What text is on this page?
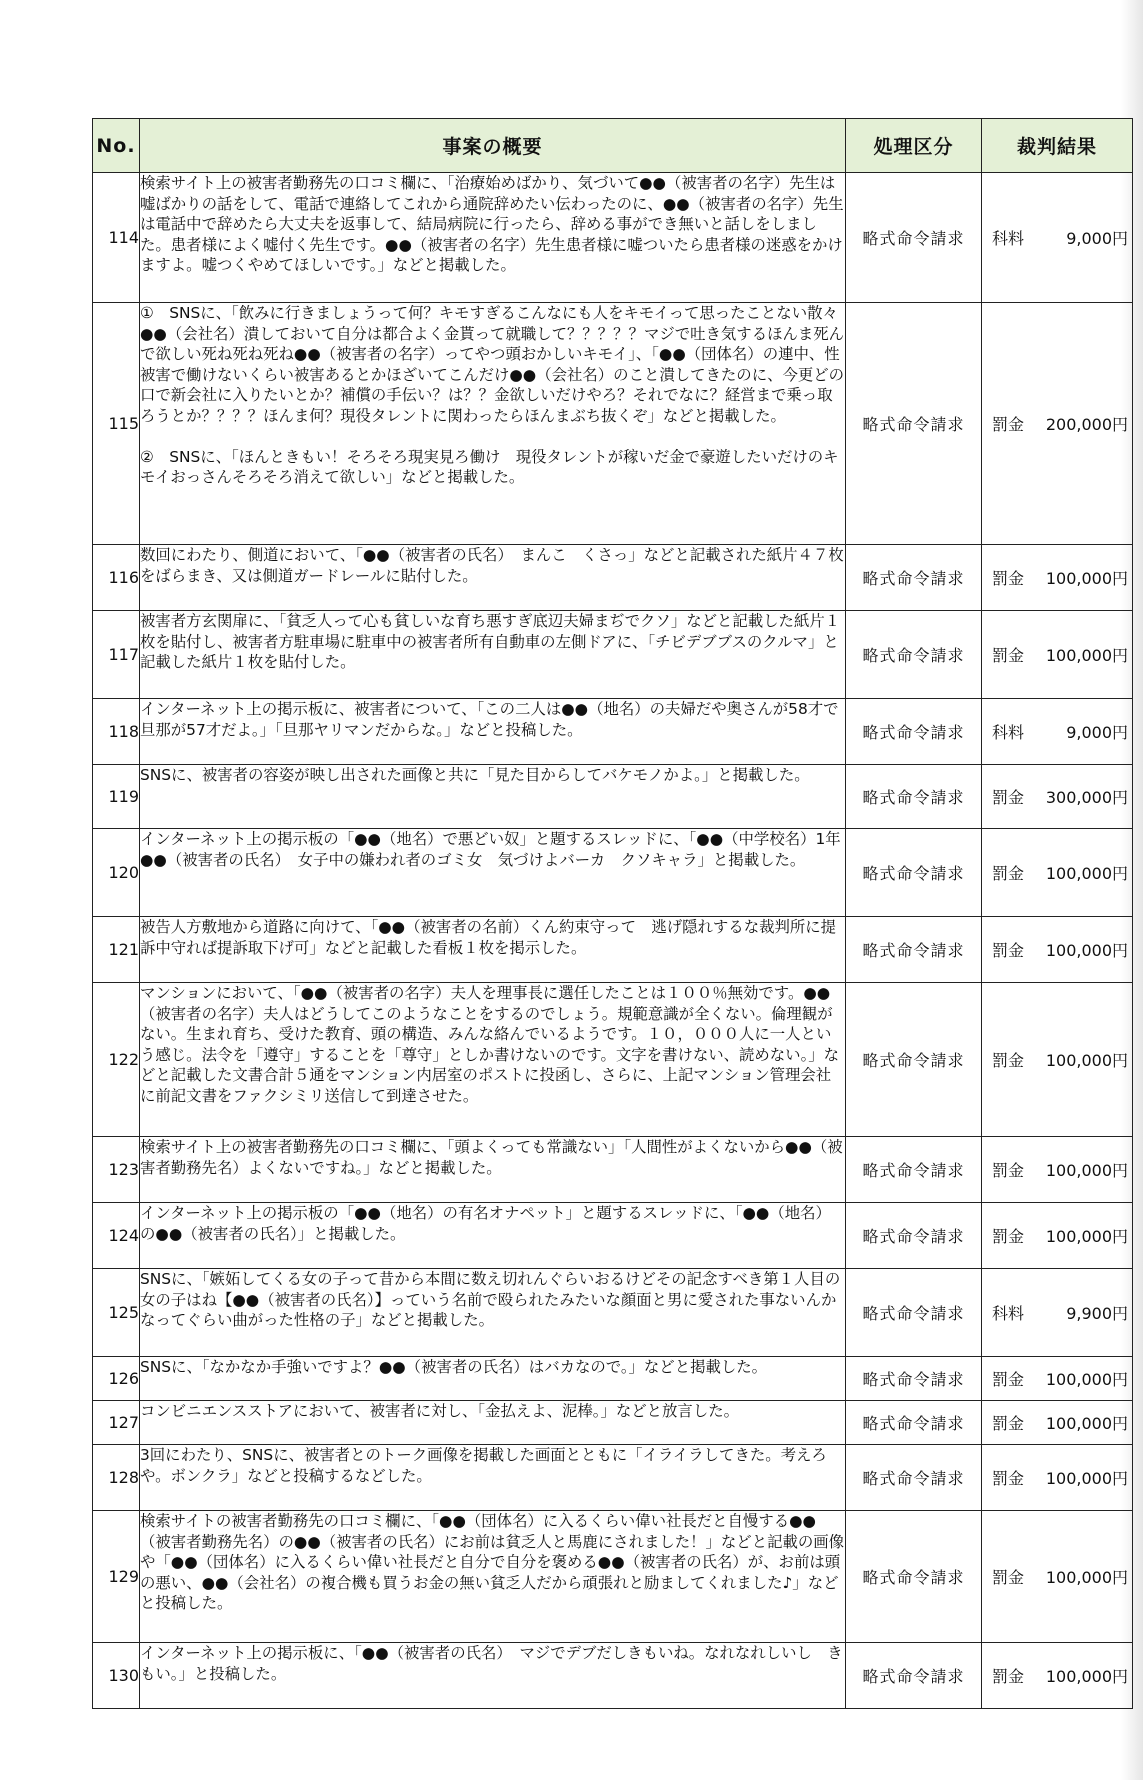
No.	事案の概要	処理区分	裁判結果
114	検索サイト上の被害者勤務先の口コミ欄に、「治療始めばかり、気づいて●●（被害者の名字）先生は嘘ばかりの話をして、電話で連絡してこれから通院辞めたい伝わったのに、●●（被害者の名字）先生は電話中で辞めたら大丈夫を返事して、結局病院に行ったら、辞める事ができ無いと話しをしました。患者様によく嘘付く先生です。●●（被害者の名字）先生患者様に嘘ついたら患者様の迷惑をかけますよ。嘘つくやめてほしいです。」などと掲載した。	略式命令請求	科料 9,000円

115	①　SNSに、「飲みに行きましょうって何？キモすぎるこんなにも人をキモイって思ったことない散々●●（会社名）潰しておいて自分は都合よく金貰って就職して？？？？？マジで吐き気するほんま死んで欲しい死ね死ね死ね●●（被害者の名字）ってやつ頭おかしいキモイ」、「●●（団体名）の連中、性被害で働けないくらい被害あるとかほざいてこんだけ●●（会社名）のこと潰してきたのに、今更どの口で新会社に入りたいとか？補償の手伝い？は？？金欲しいだけやろ？それでなに？経営まで乗っ取ろうとか？？？？ほんま何？現役タレントに関わったらほんまぶち抜くぞ」などと掲載した。

②　SNSに、「ほんときもい！そろそろ現実見ろ働け　現役タレントが稼いだ金で豪遊したいだけのキモイおっさんそろそろ消えて欲しい」などと掲載した。	略式命令請求	罰金 200,000円

116	数回にわたり、側道において、「●●（被害者の氏名）　まんこ　くさっ」などと記載された紙片４７枚をばらまき、又は側道ガードレールに貼付した。	略式命令請求	罰金 100,000円

117	被害者方玄関扉に、「貧乏人って心も貧しいな育ち悪すぎ底辺夫婦まぢでクソ」などと記載した紙片１枚を貼付し、被害者方駐車場に駐車中の被害者所有自動車の左側ドアに、「チビデブブスのクルマ」と記載した紙片１枚を貼付した。	略式命令請求	罰金 100,000円

118	インターネット上の掲示板に、被害者について、「この二人は●●（地名）の夫婦だや奥さんが58才で旦那が57才だよ。」「旦那ヤリマンだからな。」などと投稿した。	略式命令請求	科料 9,000円

119	SNSに、被害者の容姿が映し出された画像と共に「見た目からしてバケモノかよ。」と掲載した。	略式命令請求	罰金 300,000円

120	インターネット上の掲示板の「●●（地名）で悪どい奴」と題するスレッドに、「●●（中学校名）1年　●●（被害者の氏名）　女子中の嫌われ者のゴミ女　気づけよバーカ　クソキャラ」と掲載した。	略式命令請求	罰金 100,000円

121	被告人方敷地から道路に向けて、「●●（被害者の名前）くん約束守って　逃げ隠れするな裁判所に提訴中守れば提訴取下げ可」などと記載した看板１枚を掲示した。	略式命令請求	罰金 100,000円

122	マンションにおいて、「●●（被害者の名字）夫人を理事長に選任したことは１００％無効です。●●（被害者の名字）夫人はどうしてこのようなことをするのでしょう。規範意識が全くない。倫理観がない。生まれ育ち、受けた教育、頭の構造、みんな絡んでいるようです。１０，０００人に一人という感じ。法令を「遵守」することを「尊守」としか書けないのです。文字を書けない、読めない。」などと記載した文書合計５通をマンション内居室のポストに投函し、さらに、上記マンション管理会社に前記文書をファクシミリ送信して到達させた。	略式命令請求	罰金 100,000円

123	検索サイト上の被害者勤務先の口コミ欄に、「頭よくっても常識ない」「人間性がよくないから●●（被害者勤務先名）よくないですね。」などと掲載した。	略式命令請求	罰金 100,000円

124	インターネット上の掲示板の「●●（地名）の有名オナペット」と題するスレッドに、「●●（地名）の●●（被害者の氏名）」と掲載した。	略式命令請求	罰金 100,000円

125	SNSに、「嫉妬してくる女の子って昔から本間に数え切れんぐらいおるけどその記念すべき第１人目の女の子はね【●●（被害者の氏名）】っていう名前で殴られたみたいな顔面と男に愛された事ないんかなってぐらい曲がった性格の子」などと掲載した。	略式命令請求	科料 9,900円

126	SNSに、「なかなか手強いですよ？●●（被害者の氏名）はバカなので。」などと掲載した。	略式命令請求	罰金 100,000円

127	コンビニエンスストアにおいて、被害者に対し、「金払えよ、泥棒。」などと放言した。	略式命令請求	罰金 100,000円

128	3回にわたり、SNSに、被害者とのトーク画像を掲載した画面とともに「イライラしてきた。考えろや。ボンクラ」などと投稿するなどした。	略式命令請求	罰金 100,000円

129	検索サイトの被害者勤務先の口コミ欄に、「●●（団体名）に入るくらい偉い社長だと自慢する●●（被害者勤務先名）の●●（被害者の氏名）にお前は貧乏人と馬鹿にされました！」などと記載の画像や「●●（団体名）に入るくらい偉い社長だと自分で自分を褒める●●（被害者の氏名）が、お前は頭の悪い、●●（会社名）の複合機も買うお金の無い貧乏人だから頑張れと励ましてくれました♪」などと投稿した。	略式命令請求	罰金 100,000円

130	インターネット上の掲示板に、「●●（被害者の氏名）　マジでデブだしきもいね。なれなれしいし　きもい。」と投稿した。	略式命令請求	罰金 100,000円
